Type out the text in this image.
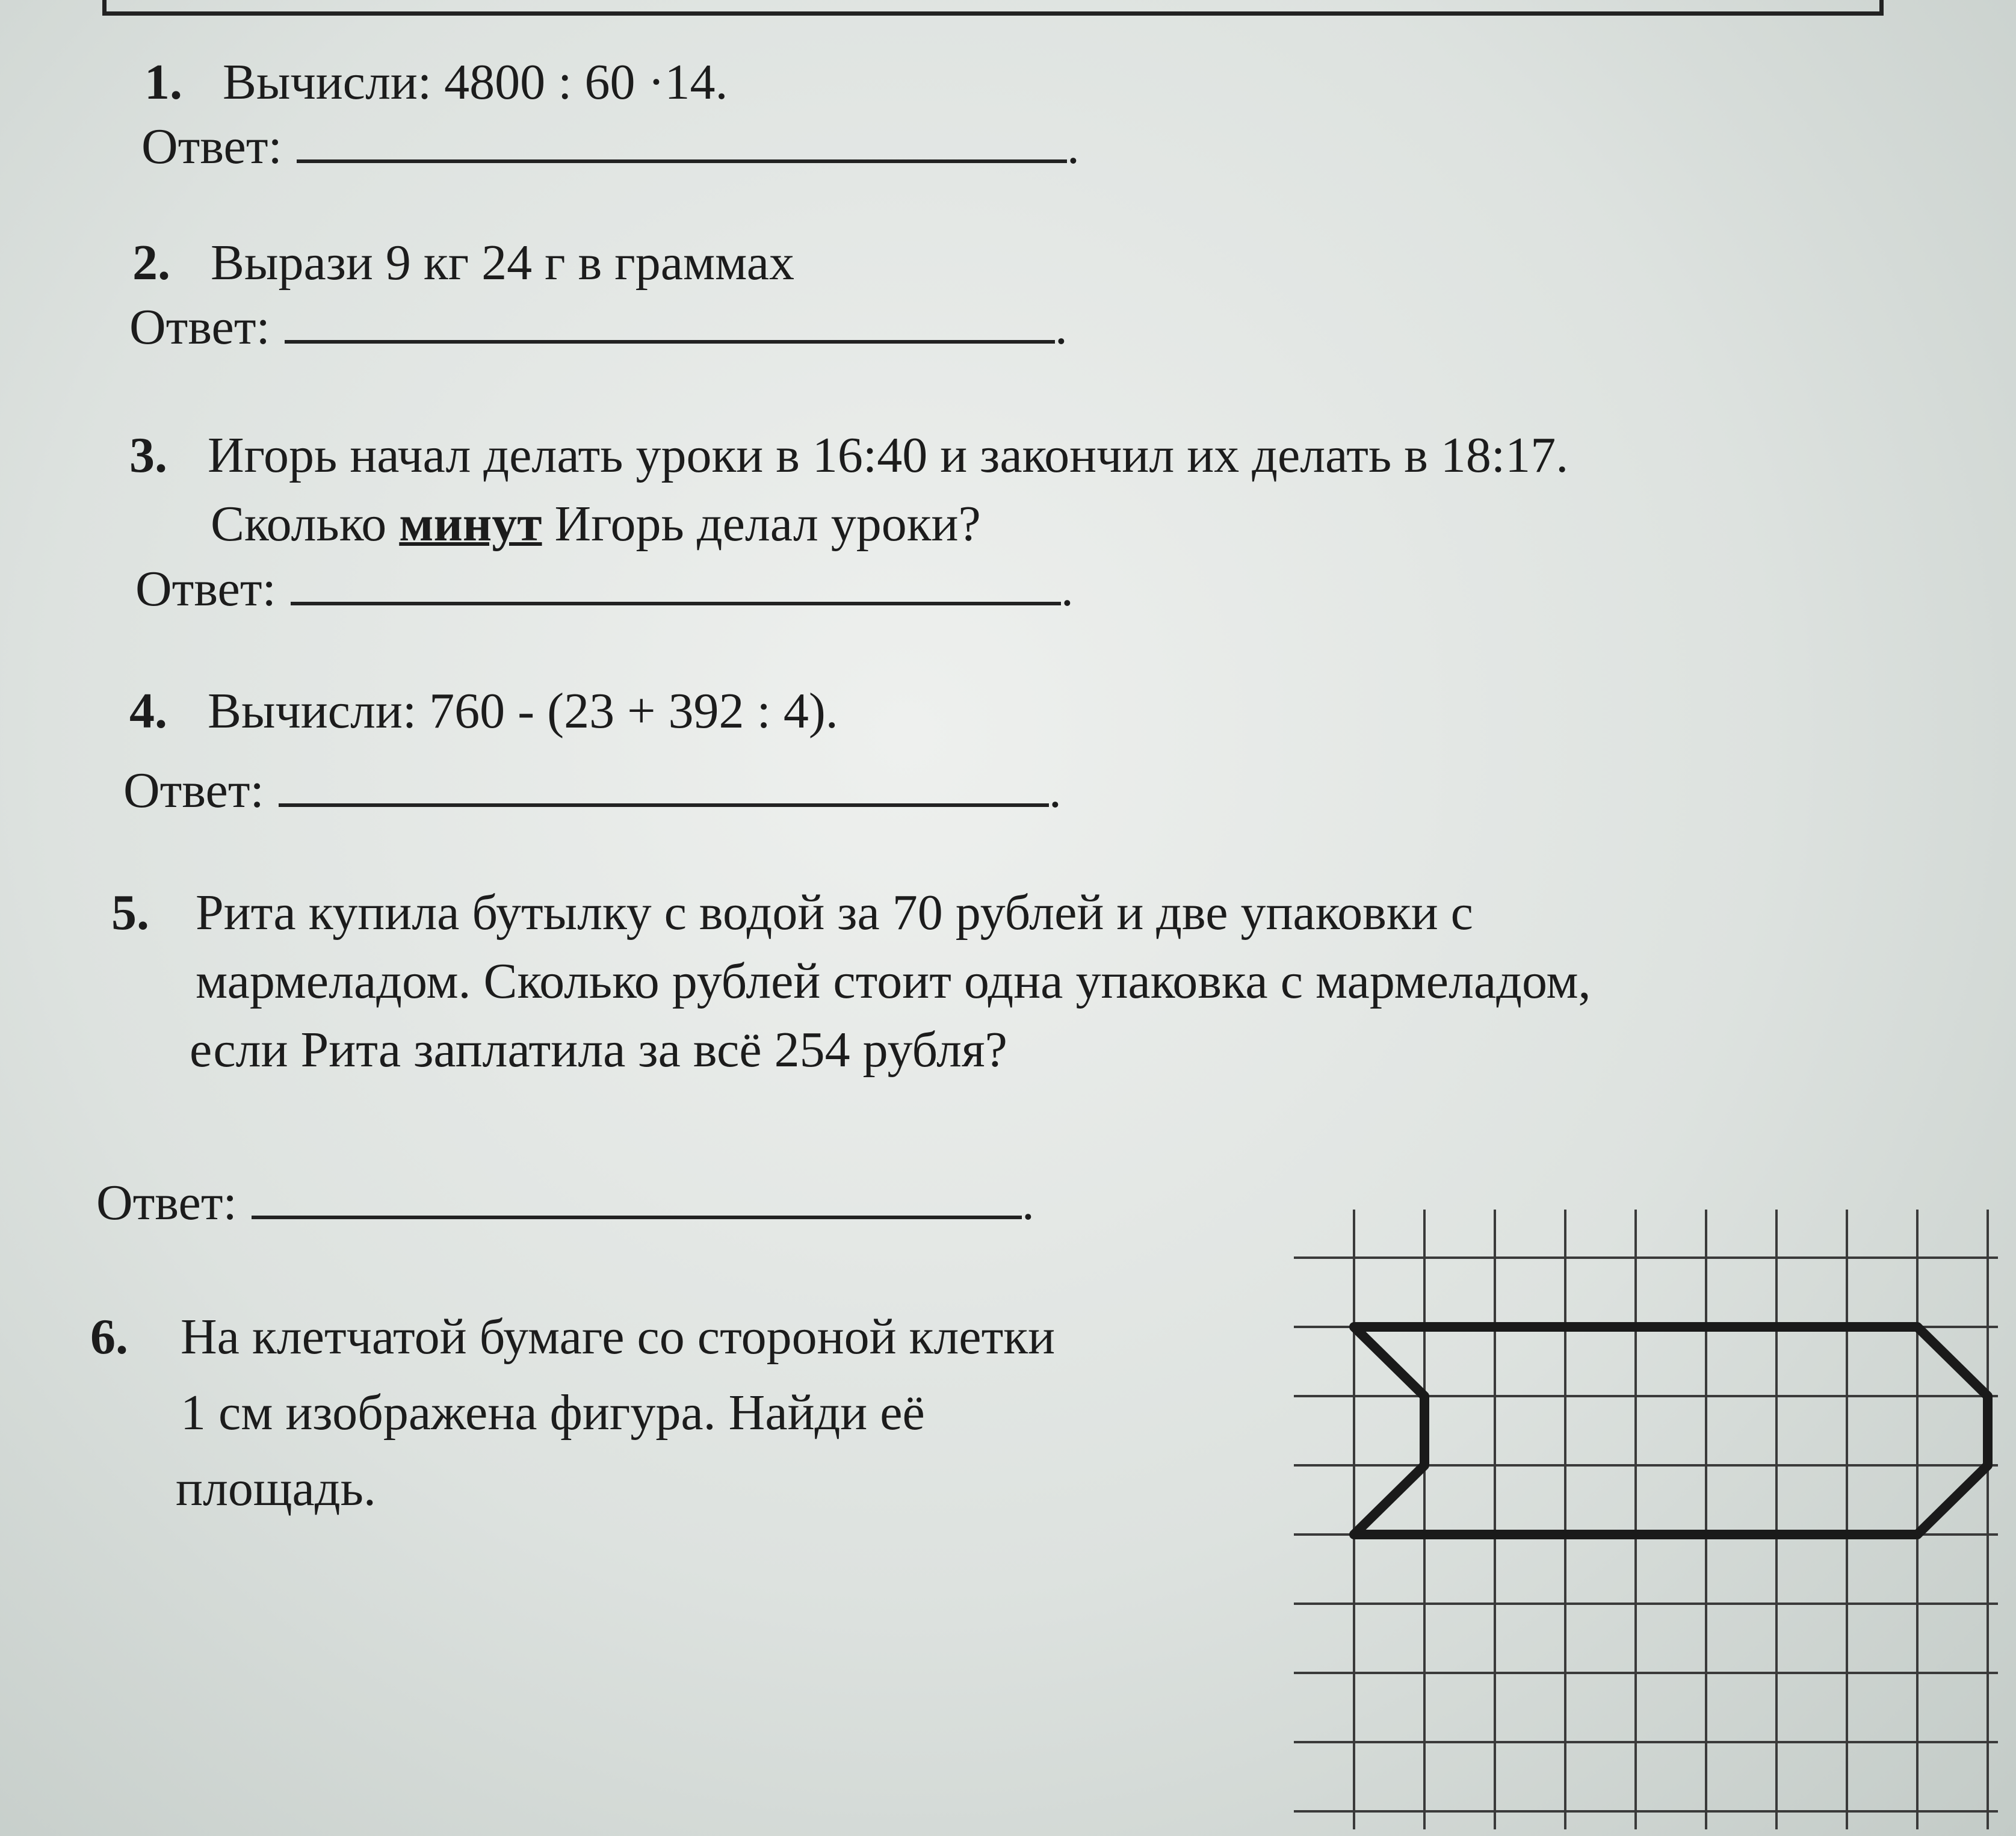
1. Вычисли: 4800 : 60 ·14.
Ответ:	.
2. Вырази 9 кг 24 г в граммах
Ответ:	.
3. Игорь начал делать уроки в 16:40 и закончил их делать в 18:17.
Сколько минут Игорь делал уроки?
Ответ:	.
4. Вычисли: 760 - (23 + 392 : 4).
Ответ:	.
5. Рита купила бутылку с водой за 70 рублей и две упаковки с
мармеладом. Сколько рублей стоит одна упаковка с мармеладом,
если Рита заплатила за всё 254 рубля?
Ответ:	.
6. На клетчатой бумаге со стороной клетки
1 см изображена фигура. Найди её
площадь.
